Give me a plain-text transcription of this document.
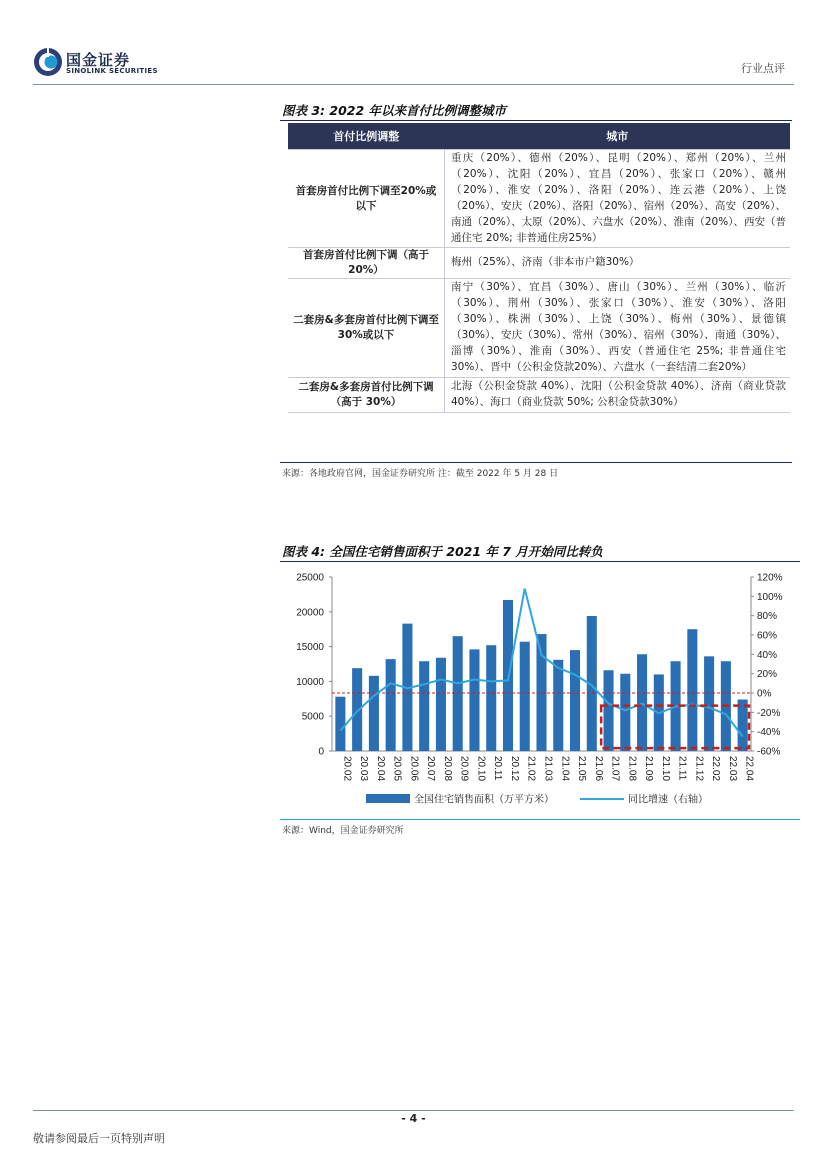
国金证券
SINOLINK SECURITIES	行业点评
图表 3: 2022 年以来首付比例调整城市
首付比例调整	城市
首套房首付比例下调至20%或以下	重庆（20%）、德州（20%）、昆明（20%）、郑州（20%）、兰州（20%）、沈阳（20%）、宜昌（20%）、张家口（20%）、赣州（20%）、淮安（20%）、洛阳（20%）、连云港（20%）、上饶（20%）、安庆（20%）、洛阳（20%）、宿州（20%）、高安（20%）、南通（20%）、太原（20%）、六盘水（20%）、淮南（20%）、西安（普通住宅 20%; 非普通住房25%）
首套房首付比例下调（高于 20%）	梅州（25%）、济南（非本市户籍30%）
二套房&多套房首付比例下调至 30%或以下	南宁（30%）、宜昌（30%）、唐山（30%）、兰州（30%）、临沂（30%）、荆州（30%）、张家口（30%）、淮安（30%）、洛阳（30%）、株洲（30%）、上饶（30%）、梅州（30%）、景德镇（30%）、安庆（30%）、常州（30%）、宿州（30%）、南通（30%）、淄博（30%）、淮南（30%）、西安（普通住宅 25%; 非普通住宅 30%）、晋中（公积金贷款20%）、六盘水（一套结清二套20%）
二套房&多套房首付比例下调（高于 30%）	北海（公积金贷款 40%）、沈阳（公积金贷款 40%）、济南（商业贷款 40%）、海口（商业贷款 50%; 公积金贷款30%）
来源：各地政府官网，国金证券研究所 注：截至 2022 年 5 月 28 日
图表 4: 全国住宅销售面积于 2021 年 7 月开始同比转负
0
5000
10000
15000
20000
25000
-60%
-40%
-20%
0%
20%
40%
60%
80%
100%
120%
20.02 20.03 20.04 20.05 20.06 20.07 20.08 20.09 20.10 20.11 20.12 21.02 21.03 21.04 21.05 21.06 21.07 21.08 21.09 21.10 21.11 21.12 22.02 22.03 22.04
全国住宅销售面积（万平方米）	同比增速（右轴）
来源：Wind，国金证券研究所
- 4 -
敬请参阅最后一页特别声明
